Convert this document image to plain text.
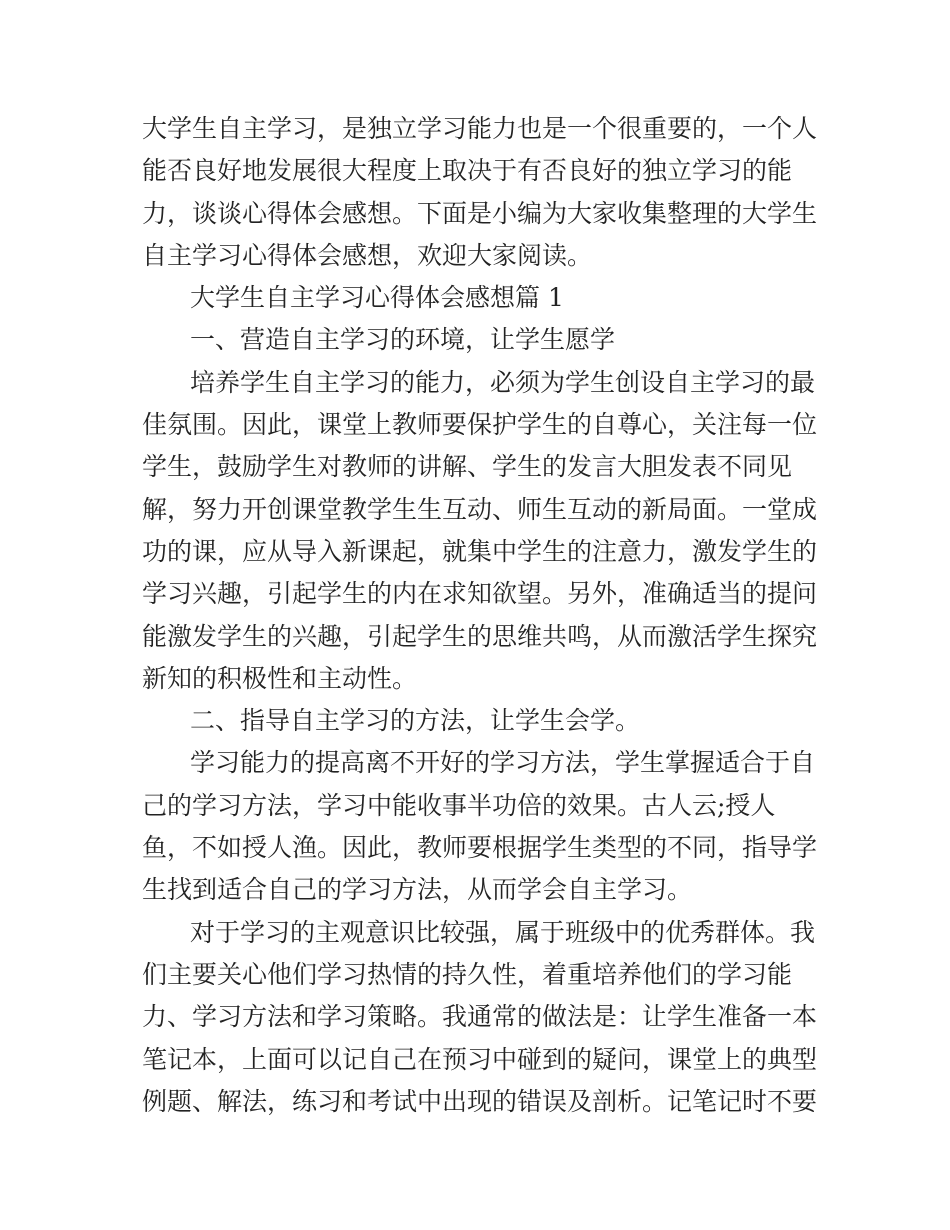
大学生自主学习，是独立学习能力也是一个很重要的，一个人
能否良好地发展很大程度上取决于有否良好的独立学习的能
力，谈谈心得体会感想。下面是小编为大家收集整理的大学生
自主学习心得体会感想，欢迎大家阅读。
大学生自主学习心得体会感想篇 1
一、营造自主学习的环境，让学生愿学
培养学生自主学习的能力，必须为学生创设自主学习的最
佳氛围。因此，课堂上教师要保护学生的自尊心，关注每一位
学生，鼓励学生对教师的讲解、学生的发言大胆发表不同见
解，努力开创课堂教学生生互动、师生互动的新局面。一堂成
功的课，应从导入新课起，就集中学生的注意力，激发学生的
学习兴趣，引起学生的内在求知欲望。另外，准确适当的提问
能激发学生的兴趣，引起学生的思维共鸣，从而激活学生探究
新知的积极性和主动性。
二、指导自主学习的方法，让学生会学。
学习能力的提高离不开好的学习方法，学生掌握适合于自
己的学习方法，学习中能收事半功倍的效果。古人云;授人
鱼，不如授人渔。因此，教师要根据学生类型的不同，指导学
生找到适合自己的学习方法，从而学会自主学习。
对于学习的主观意识比较强，属于班级中的优秀群体。我
们主要关心他们学习热情的持久性，着重培养他们的学习能
力、学习方法和学习策略。我通常的做法是：让学生准备一本
笔记本，上面可以记自己在预习中碰到的疑问，课堂上的典型
例题、解法，练习和考试中出现的错误及剖析。记笔记时不要
